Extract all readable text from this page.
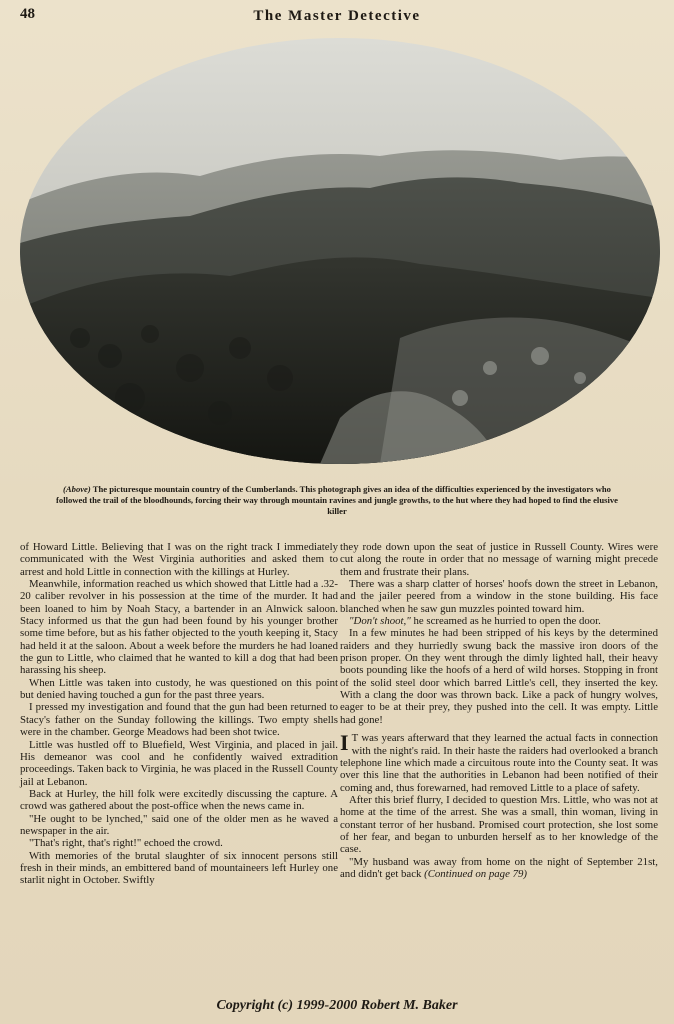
48	The Master Detective
(Above) The picturesque mountain country of the Cumberlands. This photograph gives an idea of the difficulties experienced by the investigators who followed the trail of the bloodhounds, forcing their way through mountain ravines and jungle growths, to the hut where they had hoped to find the elusive killer

of Howard Little. Believing that I was on the right track I immediately communicated with the West Virginia authorities and asked them to arrest and hold Little in connection with the killings at Hurley.

Meanwhile, information reached us which showed that Little had a .32-20 caliber revolver in his possession at the time of the murder. It had been loaned to him by Noah Stacy, a bartender in an Alnwick saloon. Stacy informed us that the gun had been found by his younger brother some time before, but as his father objected to the youth keeping it, Stacy had held it at the saloon. About a week before the murders he had loaned the gun to Little, who claimed that he wanted to kill a dog that had been harassing his sheep.

When Little was taken into custody, he was questioned on this point but denied having touched a gun for the past three years.

I pressed my investigation and found that the gun had been returned to Stacy's father on the Sunday following the killings. Two empty shells were in the chamber. George Meadows had been shot twice.

Little was hustled off to Bluefield, West Virginia, and placed in jail. His demeanor was cool and he confidently waived extradition proceedings. Taken back to Virginia, he was placed in the Russell County jail at Lebanon.

Back at Hurley, the hill folk were excitedly discussing the capture. A crowd was gathered about the post-office when the news came in.

"He ought to be lynched," said one of the older men as he waved a newspaper in the air.

"That's right, that's right!" echoed the crowd.

With memories of the brutal slaughter of six innocent persons still fresh in their minds, an embittered band of mountaineers left Hurley one starlit night in October. Swiftly

they rode down upon the seat of justice in Russell County. Wires were cut along the route in order that no message of warning might precede them and frustrate their plans.

There was a sharp clatter of horses' hoofs down the street in Lebanon, and the jailer peered from a window in the stone building. His face blanched when he saw gun muzzles pointed toward him.

"Don't shoot," he screamed as he hurried to open the door.

In a few minutes he had been stripped of his keys by the determined raiders and they hurriedly swung back the massive iron doors of the prison proper. On they went through the dimly lighted hall, their heavy boots pounding like the hoofs of a herd of wild horses. Stopping in front of the solid steel door which barred Little's cell, they inserted the key. With a clang the door was thrown back. Like a pack of hungry wolves, eager to be at their prey, they pushed into the cell. It was empty. Little had gone!

I T was years afterward that they learned the actual facts in connection with the night's raid. In their haste the raiders had overlooked a branch telephone line which made a circuitous route into the County seat. It was over this line that the authorities in Lebanon had been notified of their coming and, thus forewarned, had removed Little to a place of safety.

After this brief flurry, I decided to question Mrs. Little, who was not at home at the time of the arrest. She was a small, thin woman, living in constant terror of her husband. Promised court protection, she lost some of her fear, and began to unburden herself as to her knowledge of the case.

"My husband was away from home on the night of September 21st, and didn't get back (Continued on page 79)

Copyright (c) 1999-2000 Robert M. Baker
